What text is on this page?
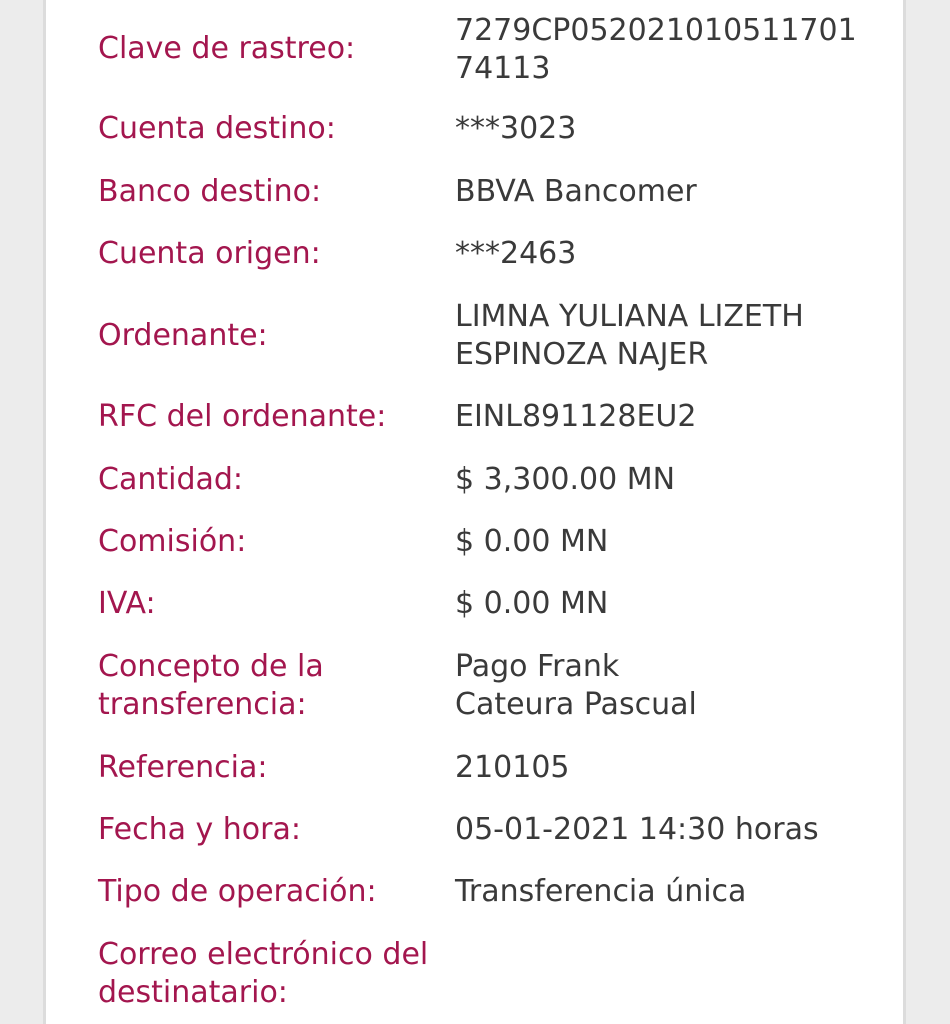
Clave de rastreo:
7279CP052021010511701
74113
Cuenta destino:	***3023
Banco destino:	BBVA Bancomer
Cuenta origen:	***2463
Ordenante:
LIMNA YULIANA LIZETH
ESPINOZA NAJER
RFC del ordenante:	EINL891128EU2
Cantidad:	$ 3,300.00 MN
Comisión:	$ 0.00 MN
IVA:	$ 0.00 MN
Concepto de la
transferencia:
Pago Frank
Cateura Pascual
Referencia:	210105
Fecha y hora:	05-01-2021 14:30 horas
Tipo de operación:	Transferencia única
Correo electrónico del
destinatario:
